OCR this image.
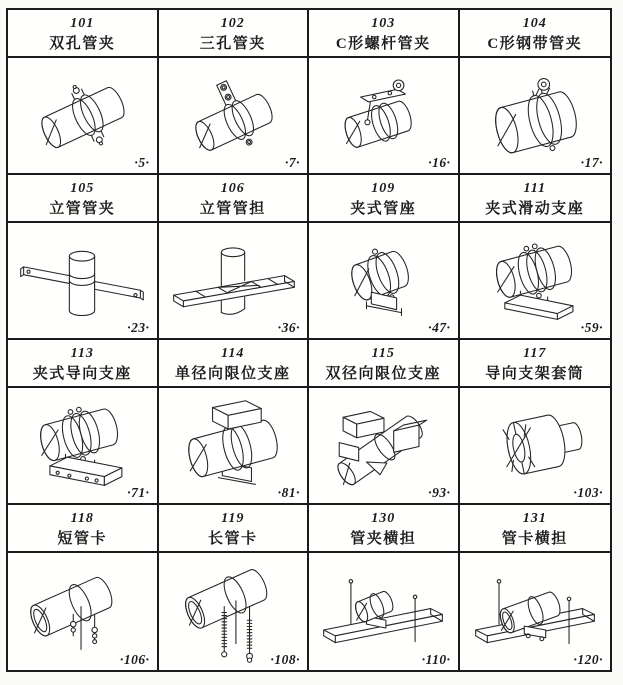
101
双孔管夹
·5·
102
三孔管夹
·7·
103
C形螺杆管夹
·16·
104
C形钢带管夹
·17·
105
立管管夹
·23·
106
立管管担
·36·
109
夹式管座
·47·
111
夹式滑动支座
·59·
113
夹式导向支座
·71·
114
单径向限位支座
·81·
115
双径向限位支座
·93·
117
导向支架套筒
·103·
118
短管卡
·106·
119
长管卡
·108·
130
管夹横担
·110·
131
管卡横担
·120·
